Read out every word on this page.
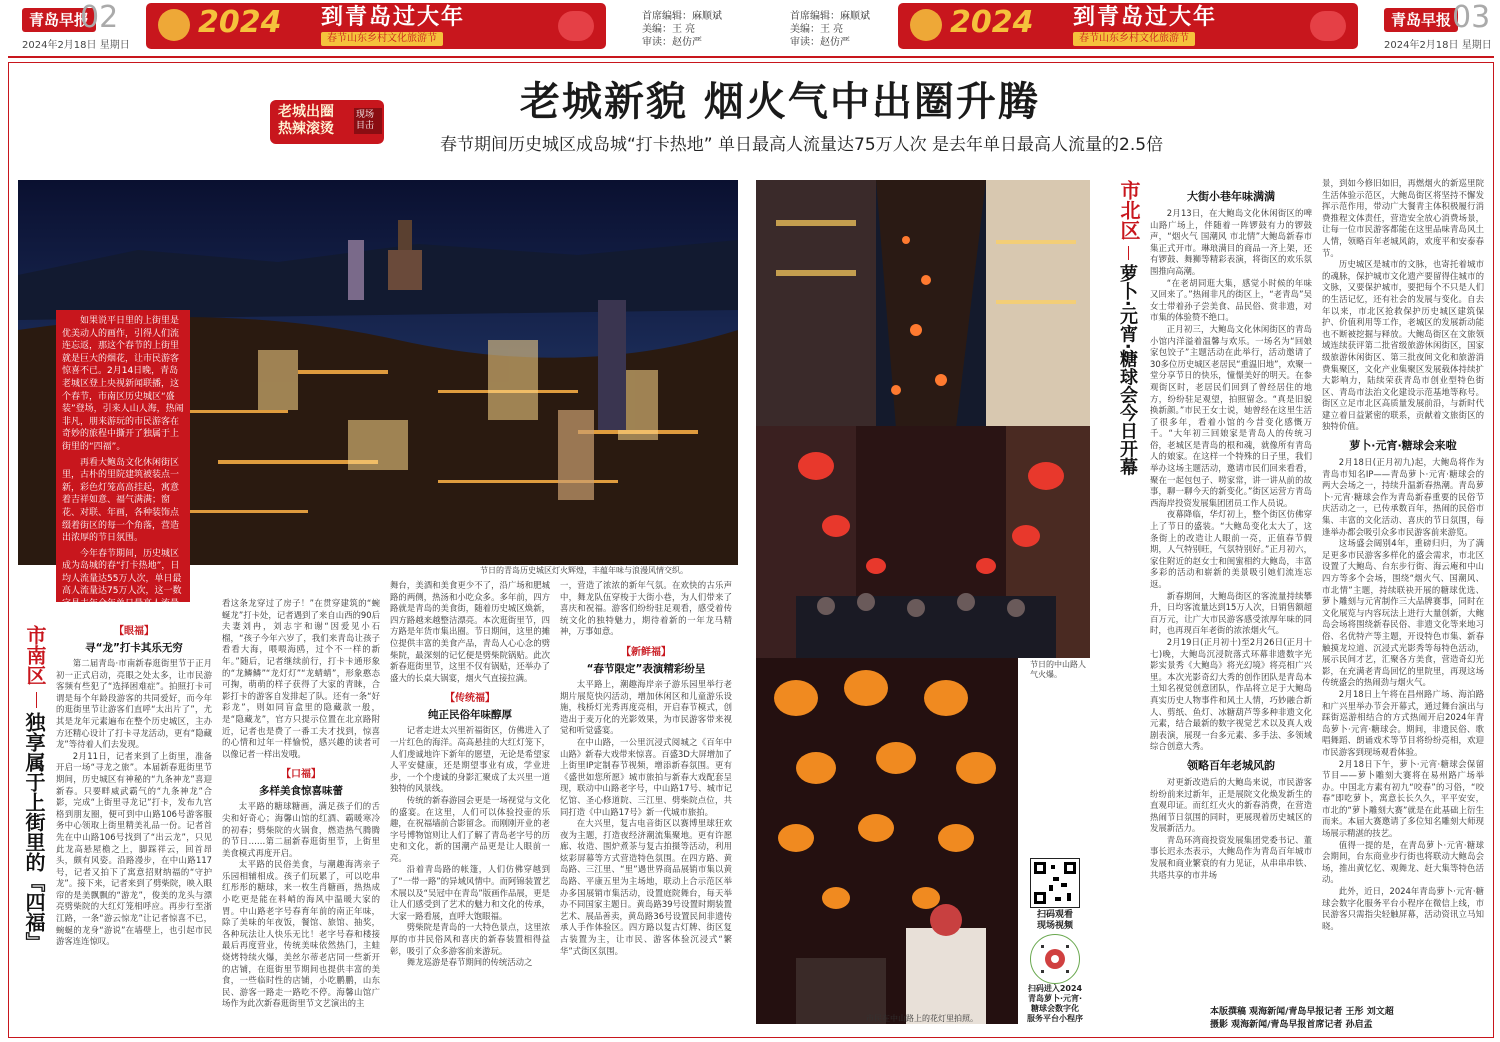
青岛早报
02
2024年2月18日 星期日
2024 到青岛过大年
春节山东乡村文化旅游节
首席编辑：麻顺斌
美编：王 亮
审读：赵仿严
首席编辑：麻顺斌
美编：王 亮
审读：赵仿严
2024 到青岛过大年
春节山东乡村文化旅游节
青岛早报 03
2024年2月18日 星期日
老城出圈 热辣滚烫
现场目击
老城新貌 烟火气中出圈升腾
春节期间历史城区成岛城“打卡热地” 单日最高人流量达75万人次 是去年单日最高人流量的2.5倍
节日的青岛历史城区灯火辉煌，丰蕴年味与浪漫风情交织。

如果说平日里的上街里是优美动人的画作，引得人们流连忘返，那这个春节的上街里就是巨大的烟花，让市民游客惊喜不已。2月14日晚，青岛老城区登上央视新闻联播，这个春节，市南区历史城区“盛装”登场，引来人山人海，热闹非凡，朋来游玩的市民游客在奇妙的旅程中撕开了独属于上街里的“四福”。

再看大鲍岛文化休闲街区里，古朴的里院建筑被装点一新，彩色灯笼高高挂起，寓意着吉祥如意、福气满满；窗花、对联、年画，各种装饰点缀着街区的每一个角落，营造出浓厚的节日氛围。

今年春节期间，历史城区成为岛城的春“打卡热地”，日均人流量达55万人次，单日最高人流量达75万人次，这一数字是去年全年单日最高人流量的2.5倍。

市南区
独享属于上街里的『四福』
【眼福】
寻“龙”打卡其乐无穷

第二届青岛·市南新春逛街里节于正月初一正式启动，亮眼之处太多，让市民游客频有些犯了“选择困难症”。拍照打卡可谓是每个年龄段游客的共同爱好，而今年的逛街里节让游客们直呼“太出片了”，尤其是龙年元素遍布在整个历史城区，主办方还精心设计了打卡寻龙活动，更有“隐藏龙”等待着人们去发现。

2月11日，记者来到了上街里，准备开启一场“寻龙之旅”。本届新春逛街里节期间，历史城区有神秘的“九条神龙”喜迎新春。只要畔威武霸气的“九条神龙”合影，完成“上街里寻龙记”打卡，发布九宫格到朋友圈，便可到中山路106号游客服务中心领取上街里精美礼品一份。记者首先在中山路106号找到了“出云龙”，只见此龙高悬屋檐之上，脚踩祥云，回首昂头，颇有风姿。沿路漫步，在中山路117号，记者又拍下了寓意招财纳福的“守护龙”。接下来，记者来到了劈柴院，映入眼帘的是美飘飘的“游龙”，俊美的龙头与漂亮劈柴院的大红灯笼相呼应。再步行至浙江路，一条“游云惊龙”让记者惊喜不已，蜿蜒的龙身“游说”在墙壁上，也引起市民游客连连惊叹。

看这条龙穿过了房子！”在贯穿建筑的“蜿蜒龙”打卡处，记者遇到了来自山西的90后夫妻刘冉，刘志宇和谢“因爱见小石榴，“孩子今年六岁了，我们来青岛让孩子看看大海，喂喂海鸥，过个不一样的新年。”随后，记者继续前行，打卡卡通形象的“龙鳞鳞”“龙灯灯”“龙蜻蜻”，形象憨态可掬，萌萌的样子获得了大家的青睐，合影打卡的游客自发排起了队。还有一条“好彩龙”，则如同盲盒里的隐藏款一般，是“隐藏龙”，官方只提示位置在北京路附近，记者也是费了一番工夫才找到，惊喜的心情和过年一样愉悦，感兴趣的读者可以像记者一样出发哦。

【口福】
多样美食惊喜味蕾

太平路的糖球糖画，满足孩子们的舌尖和好奇心；海馨山馆的红酒、霸暖寒冷的初春；劈柴院的火锅食，燃造热气腾腾的节日……第二届新春逛街里节，上街里美食模式再度开启。

太平路的民俗美食，与潮趣海湾亲子乐园相辅相成。孩子们玩累了，可以吃串红彤彤的糖球，来一枚生肖糖画，热热成小吃更是能在料峭的海风中温暖大家的胃。中山路老字号春育年前的南正年味，除了美味的年夜饭，餐馆、旅馆、抽奖，各种玩法让人快乐无比！老字号春和楼接最后再度营业，传统美味依然热门，主蛙烧烤特续火爆，美丝尔蒂老店同一些新开的店铺，在逛街里节期间也提供丰富的美食，一些临时性的店铺，小吃鹏鹏，山东民、游客一路走一路吃不停。海馨山馆广场作为此次新春逛街里节文艺演出的主

舞台，美酒和美食更少不了，沿广场和肥城路的两侧，热汤和小吃众多。多年前，四方路就是青岛的美食街，随着历史城区焕新，四方路越来越整洁漂亮。本次逛街里节，四方路是年货市集出圈。节日期间，这里的摊位提供丰富的美食产品，青岛人心心念的劈柴院，最深刻的记忆便是劈柴院锅贴。此次新春逛街里节，这里不仅有锅贴，还举办了盛大的长桌大锅宴，烟火气直接拉满。

【传统福】
纯正民俗年味醇厚

记者走进太兴里祈福街区，仿佛进入了一片红色的海洋。高高悬挂的大红灯笼下，人们虔诚地许下新年的愿望，无论是希望家人平安健康，还是期望事业有成，学业进步，一个个虔诚的身影汇聚成了太兴里一道独特的风景线。

传统的新春游园会更是一场视觉与文化的盛宴。在这里，人们可以体验投壶的乐趣，在祝福墙前合影留念。而刚刚开业的老字号博物馆则让人们了解了青岛老字号的历史和文化，新的国潮产品更是让人眼前一亮。

沿着青岛路的帐篷，人们仿佛穿越到了“一带一路”的异域风情中。而阿锦装置艺术展以及“吴冠中在青岛”版画作品展，更是让人们感受到了艺术的魅力和文化的传承，大家一路看展，直呼大饱眼福。

劈柴院是青岛的一大特色景点，这里浓厚的市井民俗风和喜庆的新春装置相得益彰，吸引了众多游客前来游玩。

舞龙巡游是春节期间的传统活动之

一，营造了浓浓的新年气氛。在欢快的古乐声中，舞龙队伍穿梭于大街小巷，为人们带来了喜庆和祝福。游客们纷纷驻足观看，感受着传统文化的独特魅力，期待着新的一年龙马精神，万事如意。

【新鲜福】
“春节限定”表演精彩纷呈

太平路上，潮趣海岸亲子游乐园里举行老期片展览快闪活动，增加休闲区和儿童游乐设施，栈桥灯光秀再度亮相，开启春节模式，创造出于麦万化的光影效果，为市民游客带来视觉和听觉盛宴。

在中山路，一公里沉浸式阅城之《百年中山路》新春大戏带来惊喜。百盛3D大屏增加了上街里IP定制春节视频，增添新春氛围。更有《盛世如您所愿》城市旅拍与新春大戏配套呈现，联动中山路老字号，中山路17号、城市记忆馆、圣心修道院、三江里、劈柴院点位，共同打造《中山路17号》新一代城市旅拍。

在大兴里，复古电音街区以赛博里球狂欢夜为主题，打造夜经济潮流集聚地。更有许愿廊、妆造、围炉煮茶与复古拍摄等活动，利用炫彩屏幕等方式营造特色氛围。在四方路、黄岛路、三江里、“里”遇世界商品展销市集以黄岛路、平康五里为主场地，联动上合示范区举办多国展销市集活动，设置庭院舞台，每天举办不同国家主题日。黄岛路39号设置时期装置艺术、展品善卖，黄岛路36号设置民间非遗传承人手作体验区。四方路以复古灯牌、街区复古装置为主，让市民、游客体验沉浸式“繁华”式街区氛围。

节日的中山路人气火爆。
市民在中山路上的花灯里拍照。
扫码观看
现场视频
扫码进入2024
青岛萝卜·元宵·
糖球会数字化
服务平台小程序
市北区
萝卜·元宵·糖球会今日开幕
大街小巷年味满满

2月13日，在大鲍岛文化休闲街区的啤山路广场上，伴随着一阵锣鼓有力的锣鼓声，“烟火气 国潮风 市北情”大鲍岛新春市集正式开市。琳琅满目的商品一齐上架，还有锣鼓、舞狮等精彩表演，将街区的欢乐氛围推向高潮。

“在老胡同逛大集，感觉小时候的年味又回来了。”热闹非凡的街区上，“老青岛”吴女士带着孙子尝美食、品民俗、赏非遗，对市集的体验赞不绝口。

正月初三，大鲍岛文化休闲街区的青岛小馆内洋溢着温馨与欢乐。一场名为“回娘家包饺子”主题活动在此举行，活动邀请了30多位历史城区老居民“重温旧地”，欢聚一堂分享节日的快乐，憧憬美好的明天。在参观街区时，老居民们回到了曾经居住的地方，纷纷驻足观望，拍照留念。“真是旧貌换新颜。”市民王女士说，她曾经在这里生活了很多年，看着小馆的今昔变化感慨万千。“大年初三回娘家是青岛人的传统习俗，老城区是青岛的根和魂，就像所有青岛人的娘家。在这样一个特殊的日子里，我们举办这场主题活动，邀请市民们回来看看，聚在一起包包子、唠家常，讲一讲从前的故事，聊一聊今天的新变化。”街区运营方青岛西海岸投资发展集团团员工作人员说。

夜幕降临，华灯初上，整个街区仿佛穿上了节日的盛装。“大鲍岛变化太大了，这条街上的改造让人眼前一亮，正值春节假期，人气特别旺，气氛特别好。”正月初六，家住附近的赵女士和闺蜜相约大鲍岛，丰富多彩的活动和崭新的美景吸引她们流连忘返。

新春期间，大鲍岛街区的客流量持续攀升，日均客流量达到15万人次，日销售额超百万元，让广大市民游客感受浓厚年味的同时，也再现百年老街的浓浓烟火气。

2月19日(正月初十)至2月26日(正月十七)晚，大鲍岛沉浸院落式环幕非遗数字光影实景秀《大鲍岛》将光幻境》将亮相广兴里。本次光影奇幻大秀的创作团队是青岛本土知名视觉创意团队，作品将立足于大鲍岛真实历史人物事件和风土人情，巧妙融合新人、剪纸、鱼灯、冰糖葫芦等多种非遗文化元素，结合最新的数字视觉艺术以及真人戏剧表演，展现一台多元素、多手法、多领域综合创意大秀。

领略百年老城风韵

对更新改造后的大鲍岛来说，市民游客纷纷前来过新年，正是展院文化焕发新生的直观印证。而红红火火的新春消费，在营造热闹节日氛围的同时，更展现着历史城区的发展新活力。

青岛环湾商投资发展集团党委书记、董事长迟永杰表示，大鲍岛作为青岛百年城市发展和商业繁衰的有力见证，从串串串铁、共塔共享的市井场

景，到如今修旧如旧，再燃烟火的新巡里院生活体验示范区，大鲍岛街区将坚持不懈发挥示范作用，带动广大餐青主体积极履行消费推程文体责任，营造安全放心消费场景，让每一位市民游客都能在这里品味青岛风土人情，领略百年老城风韵，欢度平和安泰春节。

历史城区是城市的文脉，也寄托着城市的魂脉，保护城市文化遗产要留得住城市的文脉，又要保护城市，要把每个不只是人们的生活记忆，还有社会的发展与变化。自去年以来，市北区抢救保护历史城区建筑保护、价值利用等工作，老城区的发展新动能也不断被挖掘与释放。大鲍岛街区在文旅领域连续获评第二批省级旅游休闲街区，国家级旅游休闲街区、第三批夜间文化和旅游消费集聚区，文化产业集聚区发展载体持续扩大影响力，陆续荣获青岛市创业型特色街区、青岛市法治文化建设示范基地等称号。街区立足市北区高质量发展前沿，与新时代建立着日益紧密的联系，贡献着文旅街区的独特价值。

萝卜·元宵·糖球会来啦

2月18日(正月初九)起，大鲍岛将作为青岛市知名IP——青岛萝卜·元宵·糖球会的两大会场之一，持续升温新春热潮。青岛萝卜·元宵·糖球会作为青岛新春重要的民俗节庆活动之一，已传承数百年，热闹的民俗市集、丰富的文化活动、喜庆的节日氛围，每逢举办都会吸引众多市民游客前来游览。

这场盛会阔别4年，重磅归归，为了满足更多市民游客多样化的盛会需求，市北区设置了大鲍岛、台东步行街、海云庵和中山四方等多个会场，围绕“烟火气、国潮风、市北情”主题，持续联袂开展的糖球优选、萝卜雕刻与元宵制作三大品牌赛事，同时在文化展览与内容玩法上进行大量创新，大鲍岛会场将围绕新春民俗、非遗文化等来地习俗、名优特产等主题，开设特色市集、新春触摸龙垃道、沉浸式光影秀等每特色活动，展示民间才艺，汇聚各方美食，营造奇幻光影，在充满老青岛回忆的里院里，再现这场传统盛会的热闹劲与烟火气。

2月18日上午将在昌州路广场、海泊路和广兴里举办节会开幕式，通过舞台演出与踩街巡游相结合的方式热闹开启2024年青岛萝卜·元宵·糖球会。期间，非遗民俗、歌唱舞蹈、朗诵戏术等节目将纷纷亮相，欢迎市民游客到现场观看体验。

2月18日下午，萝卜·元宵·糖球会保留节目——萝卜雕刻大赛将在易州路广场举办。中国北方素有初九“咬春”的习俗，“咬春”即吃萝卜，寓意长长久久，平平安安，市北的“萝卜雕刻大赛”就是在此基础上衍生而来。本届大赛邀请了多位知名雕刻大师现场展示精湛的技艺。

值得一提的是，在青岛萝卜·元宵·糖球会期间，台东商业步行街也将联动大鲍岛会场，推出黄忆忆、观舞龙、赶大集等特色活动。

此外，近日，2024年青岛萝卜·元宵·糖球会数字化服务平台小程序在微信上线，市民游客只需指尖轻触屏幕，活动资讯立马知晓。

本版撰稿 观海新闻/青岛早报记者 王彤 刘文超
摄影 观海新闻/青岛早报首席记者 孙启孟
